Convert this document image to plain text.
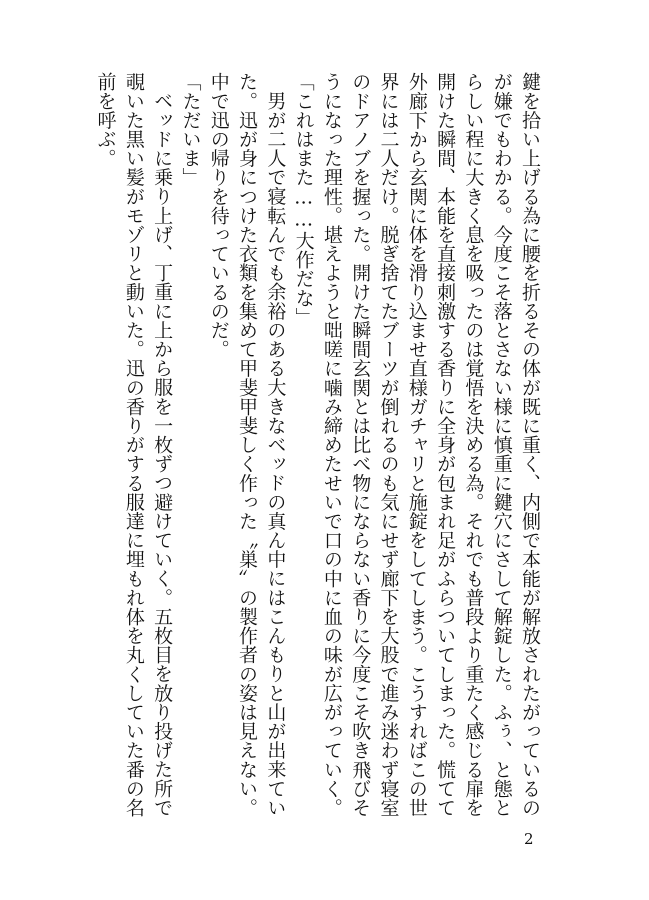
鍵を拾い上げる為に腰を折るその体が既に重く、内側で本能が解放されたがっているのが嫌でもわかる。今度こそ落とさない様に慎重に鍵穴にさして解錠した。ふぅ、と態とらしい程に大きく息を吸ったのは覚悟を決める為。それでも普段より重たく感じる扉を開けた瞬間、本能を直接刺激する香りに全身が包まれ足がふらついてしまった。慌てて外廊下から玄関に体を滑り込ませ直様ガチャリと施錠をしてしまう。こうすればこの世界には二人だけ。脱ぎ捨てたブーツが倒れるのも気にせず廊下を大股で進み迷わず寝室のドアノブを握った。開けた瞬間玄関とは比べ物にならない香りに今度こそ吹き飛びそうになった理性。堪えようと咄嗟に噛み締めたせいで口の中に血の味が広がっていく。

「これはまた……大作だな」

男が二人で寝転んでも余裕のある大きなベッドの真ん中にはこんもりと山が出来ていた。迅が身につけた衣類を集めて甲斐甲斐しく作った〝巣〟の製作者の姿は見えない。中で迅の帰りを待っているのだ。

「ただいま」

ベッドに乗り上げ、丁重に上から服を一枚ずつ避けていく。五枚目を放り投げた所で覗いた黒い髪がモゾリと動いた。迅の香りがする服達に埋もれ体を丸くしていた番の名前を呼ぶ。

2
